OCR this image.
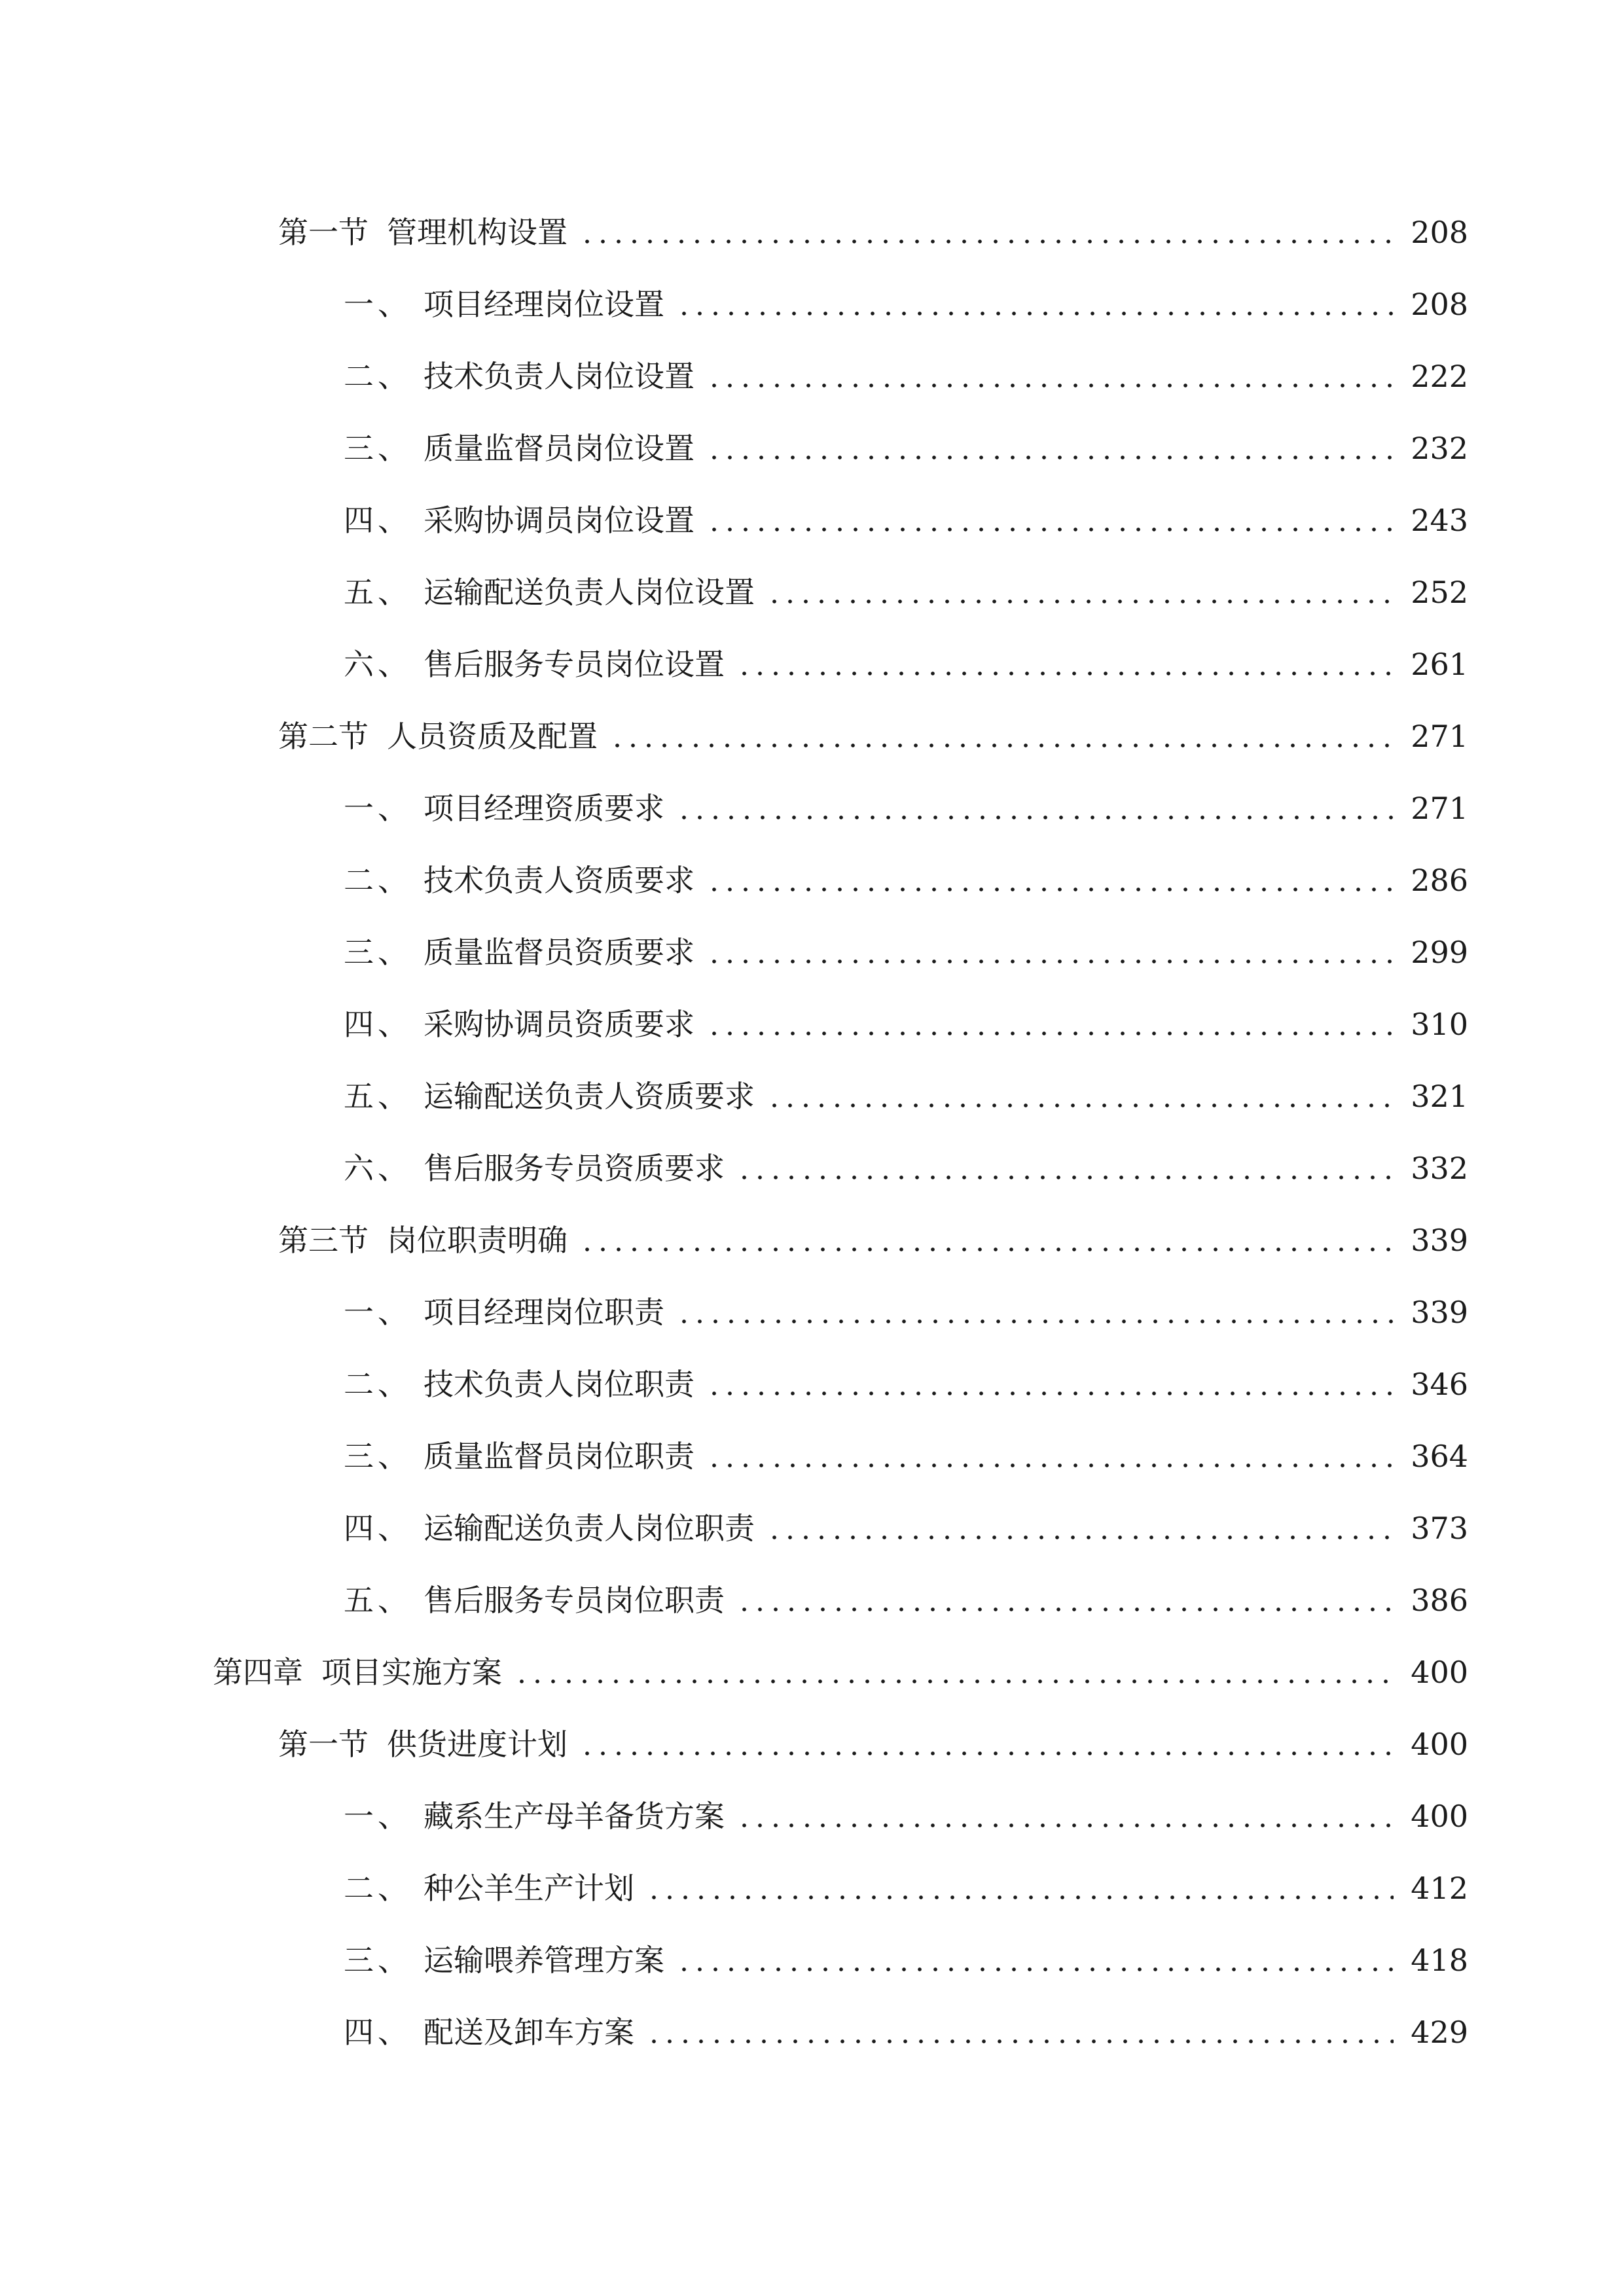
第一节 管理机构设置	208
一、 项目经理岗位设置	208
二、 技术负责人岗位设置	222
三、 质量监督员岗位设置	232
四、 采购协调员岗位设置	243
五、 运输配送负责人岗位设置	252
六、 售后服务专员岗位设置	261
第二节 人员资质及配置	271
一、 项目经理资质要求	271
二、 技术负责人资质要求	286
三、 质量监督员资质要求	299
四、 采购协调员资质要求	310
五、 运输配送负责人资质要求	321
六、 售后服务专员资质要求	332
第三节 岗位职责明确	339
一、 项目经理岗位职责	339
二、 技术负责人岗位职责	346
三、 质量监督员岗位职责	364
四、 运输配送负责人岗位职责	373
五、 售后服务专员岗位职责	386
第四章 项目实施方案	400
第一节 供货进度计划	400
一、 藏系生产母羊备货方案	400
二、 种公羊生产计划	412
三、 运输喂养管理方案	418
四、 配送及卸车方案	429
